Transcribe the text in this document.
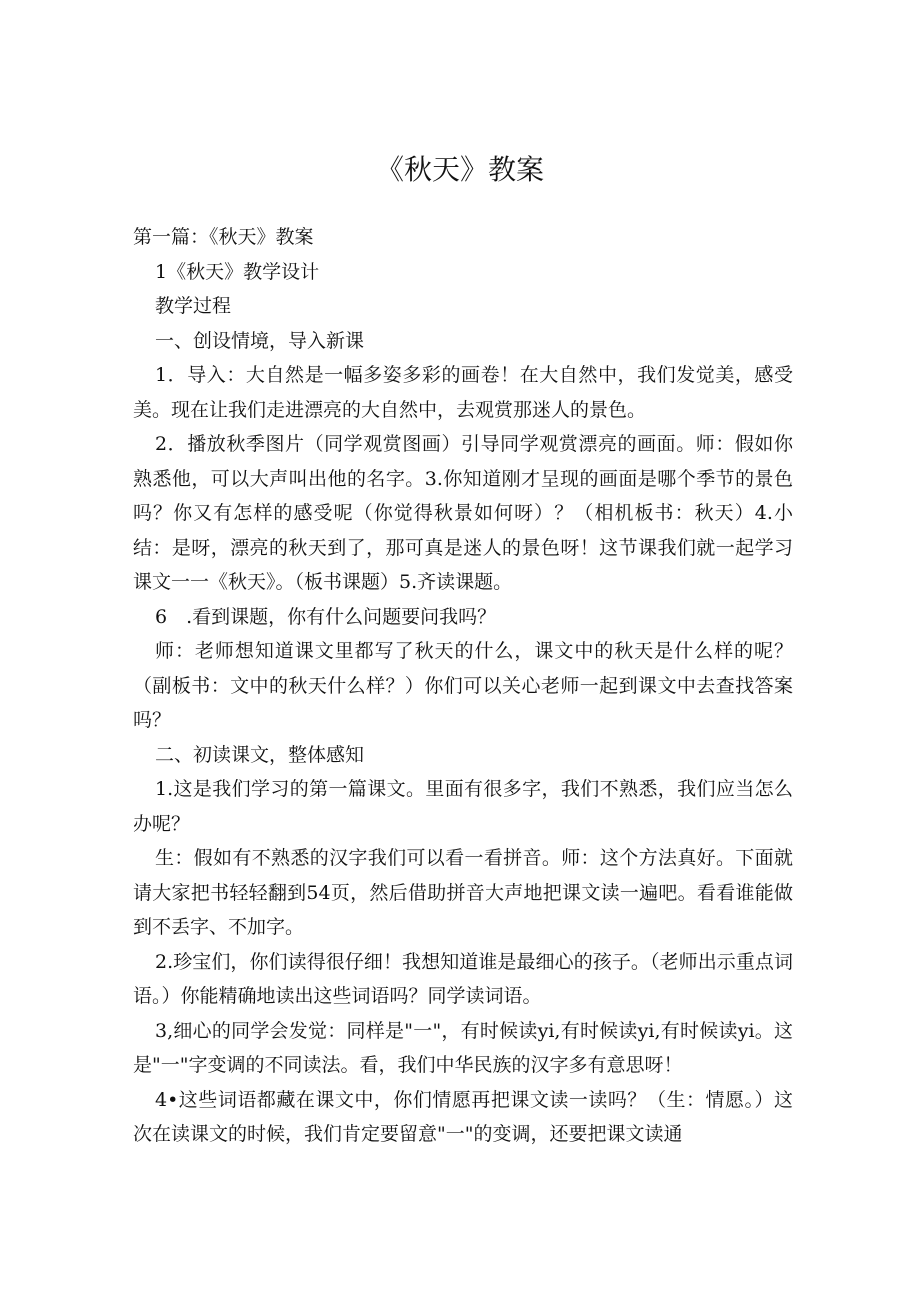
《秋天》教案

第一篇：《秋天》教案

1《秋天》教学设计

教学过程

一、创设情境，导入新课

1．导入：大自然是一幅多姿多彩的画卷！在大自然中，我们发觉美，感受美。现在让我们走进漂亮的大自然中，去观赏那迷人的景色。

2．播放秋季图片（同学观赏图画）引导同学观赏漂亮的画面。师：假如你熟悉他，可以大声叫出他的名字。3.你知道刚才呈现的画面是哪个季节的景色吗？你又有怎样的感受呢（你觉得秋景如何呀）？（相机板书：秋天）4.小结：是呀，漂亮的秋天到了，那可真是迷人的景色呀！这节课我们就一起学习课文一一《秋天》。（板书课题）5.齐读课题。

6　.看到课题，你有什么问题要问我吗？

师：老师想知道课文里都写了秋天的什么，课文中的秋天是什么样的呢？（副板书：文中的秋天什么样？）你们可以关心老师一起到课文中去查找答案吗？

二、初读课文，整体感知

1.这是我们学习的第一篇课文。里面有很多字，我们不熟悉，我们应当怎么办呢？

生：假如有不熟悉的汉字我们可以看一看拼音。师：这个方法真好。下面就请大家把书轻轻翻到54页，然后借助拼音大声地把课文读一遍吧。看看谁能做到不丢字、不加字。

2.珍宝们，你们读得很仔细！我想知道谁是最细心的孩子。（老师出示重点词语。）你能精确地读出这些词语吗？同学读词语。

3,细心的同学会发觉：同样是"一"，有时候读yi,有时候读yi,有时候读yi。这是"一"字变调的不同读法。看，我们中华民族的汉字多有意思呀！

4•这些词语都藏在课文中，你们情愿再把课文读一读吗？（生：情愿。）这次在读课文的时候，我们肯定要留意"一"的变调，还要把课文读通
